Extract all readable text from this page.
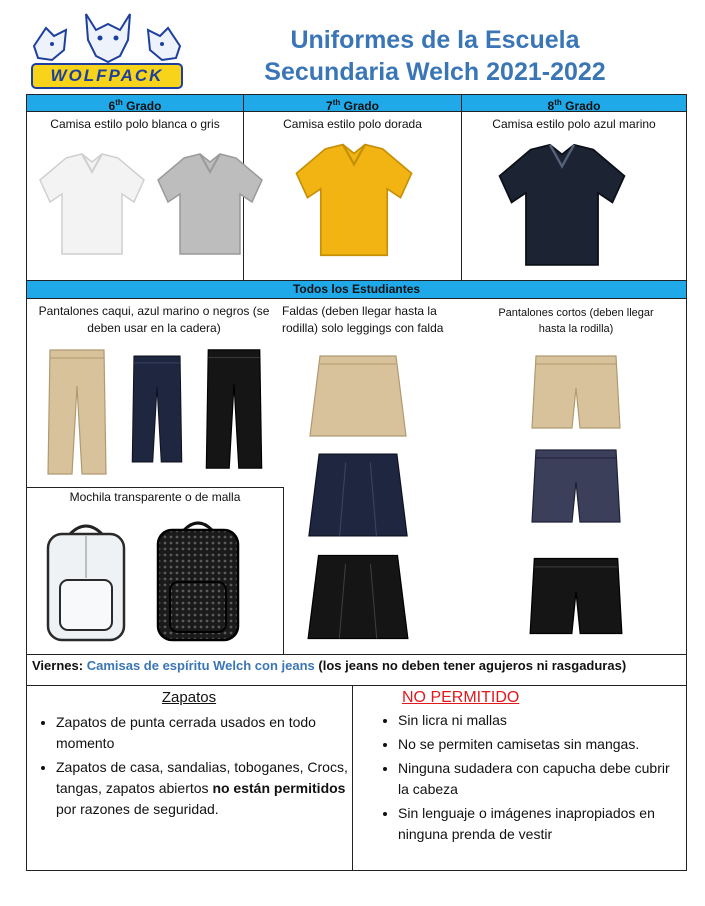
WOLFPACK
Uniformes de la Escuela
Secundaria Welch 2021-2022
6th Grado	7th Grado	8th Grado
Camisa estilo polo blanca o gris	Camisa estilo polo dorada	Camisa estilo polo azul marino
Todos los Estudiantes
Pantalones caqui, azul marino o negros (se deben usar en la cadera)
Faldas (deben llegar hasta la rodilla) solo leggings con falda
Pantalones cortos (deben llegar hasta la rodilla)
Mochila transparente o de malla
Viernes: Camisas de espíritu Welch con jeans (los jeans no deben tener agujeros ni rasgaduras)
Zapatos
• Zapatos de punta cerrada usados en todo momento
• Zapatos de casa, sandalias, toboganes, Crocs, tangas, zapatos abiertos no están permitidos por razones de seguridad.
NO PERMITIDO
• Sin licra ni mallas
• No se permiten camisetas sin mangas.
• Ninguna sudadera con capucha debe cubrir la cabeza
• Sin lenguaje o imágenes inapropiados en ninguna prenda de vestir
